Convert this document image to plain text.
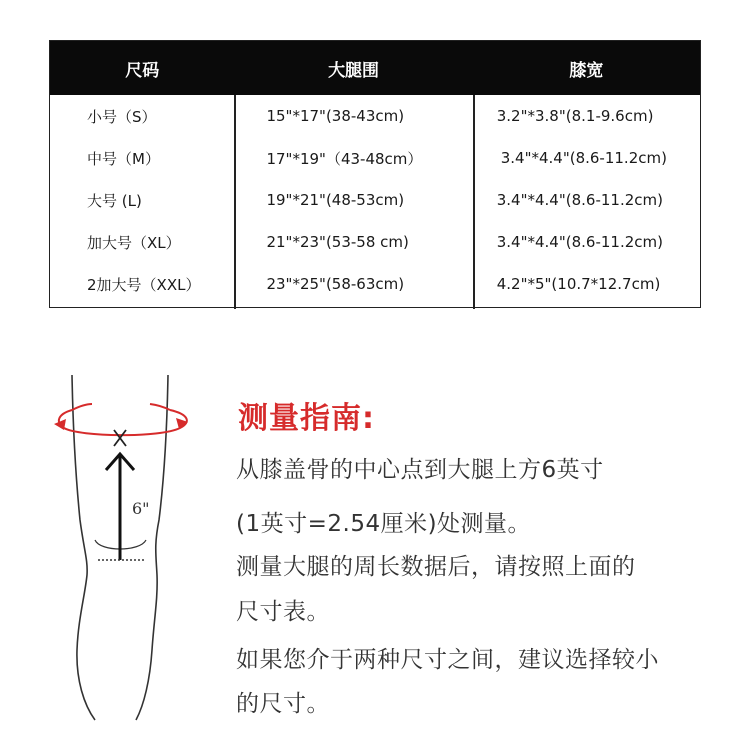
尺码	大腿围	膝宽
小号（S）	15"*17"(38-43cm)	3.2"*3.8"(8.1-9.6cm)
中号（M）	17"*19"（43-48cm）	3.4"*4.4"(8.6-11.2cm)
大号 (L)	19"*21"(48-53cm)	3.4"*4.4"(8.6-11.2cm)
加大号（XL）	21"*23"(53-58 cm)	3.4"*4.4"(8.6-11.2cm)
2加大号（XXL）	23"*25"(58-63cm)	4.2"*5"(10.7*12.7cm)
6"
测量指南:
从膝盖骨的中心点到大腿上方6英寸
(1英寸=2.54厘米)处测量。
测量大腿的周长数据后，请按照上面的
尺寸表。
如果您介于两种尺寸之间，建议选择较小
的尺寸。
